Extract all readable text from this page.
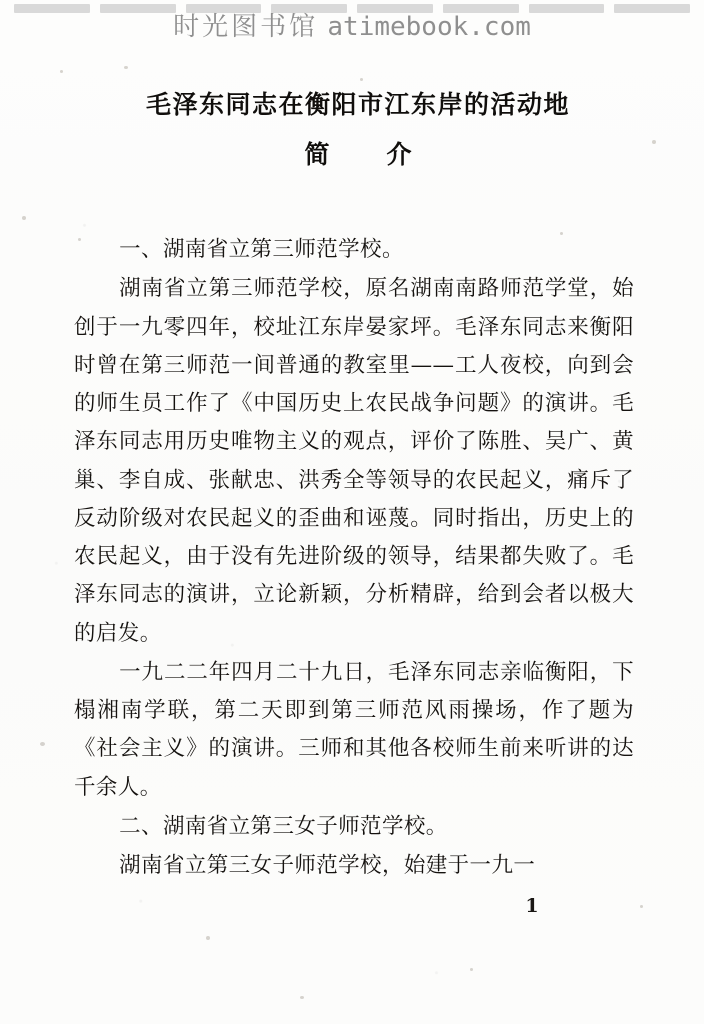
时光图书馆 atimebook.com
毛泽东同志在衡阳市江东岸的活动地
简　介

一、湖南省立第三师范学校。

湖南省立第三师范学校，原名湖南南路师范学堂，始创于一九零四年，校址江东岸晏家坪。毛泽东同志来衡阳时曾在第三师范一间普通的教室里——工人夜校，向到会的师生员工作了《中国历史上农民战争问题》的演讲。毛泽东同志用历史唯物主义的观点，评价了陈胜、吴广、黄巢、李自成、张献忠、洪秀全等领导的农民起义，痛斥了反动阶级对农民起义的歪曲和诬蔑。同时指出，历史上的农民起义，由于没有先进阶级的领导，结果都失败了。毛泽东同志的演讲，立论新颖，分析精辟，给到会者以极大的启发。

一九二二年四月二十九日，毛泽东同志亲临衡阳，下榻湘南学联，第二天即到第三师范风雨操场，作了题为《社会主义》的演讲。三师和其他各校师生前来听讲的达千余人。

二、湖南省立第三女子师范学校。

湖南省立第三女子师范学校，始建于一九一

1
